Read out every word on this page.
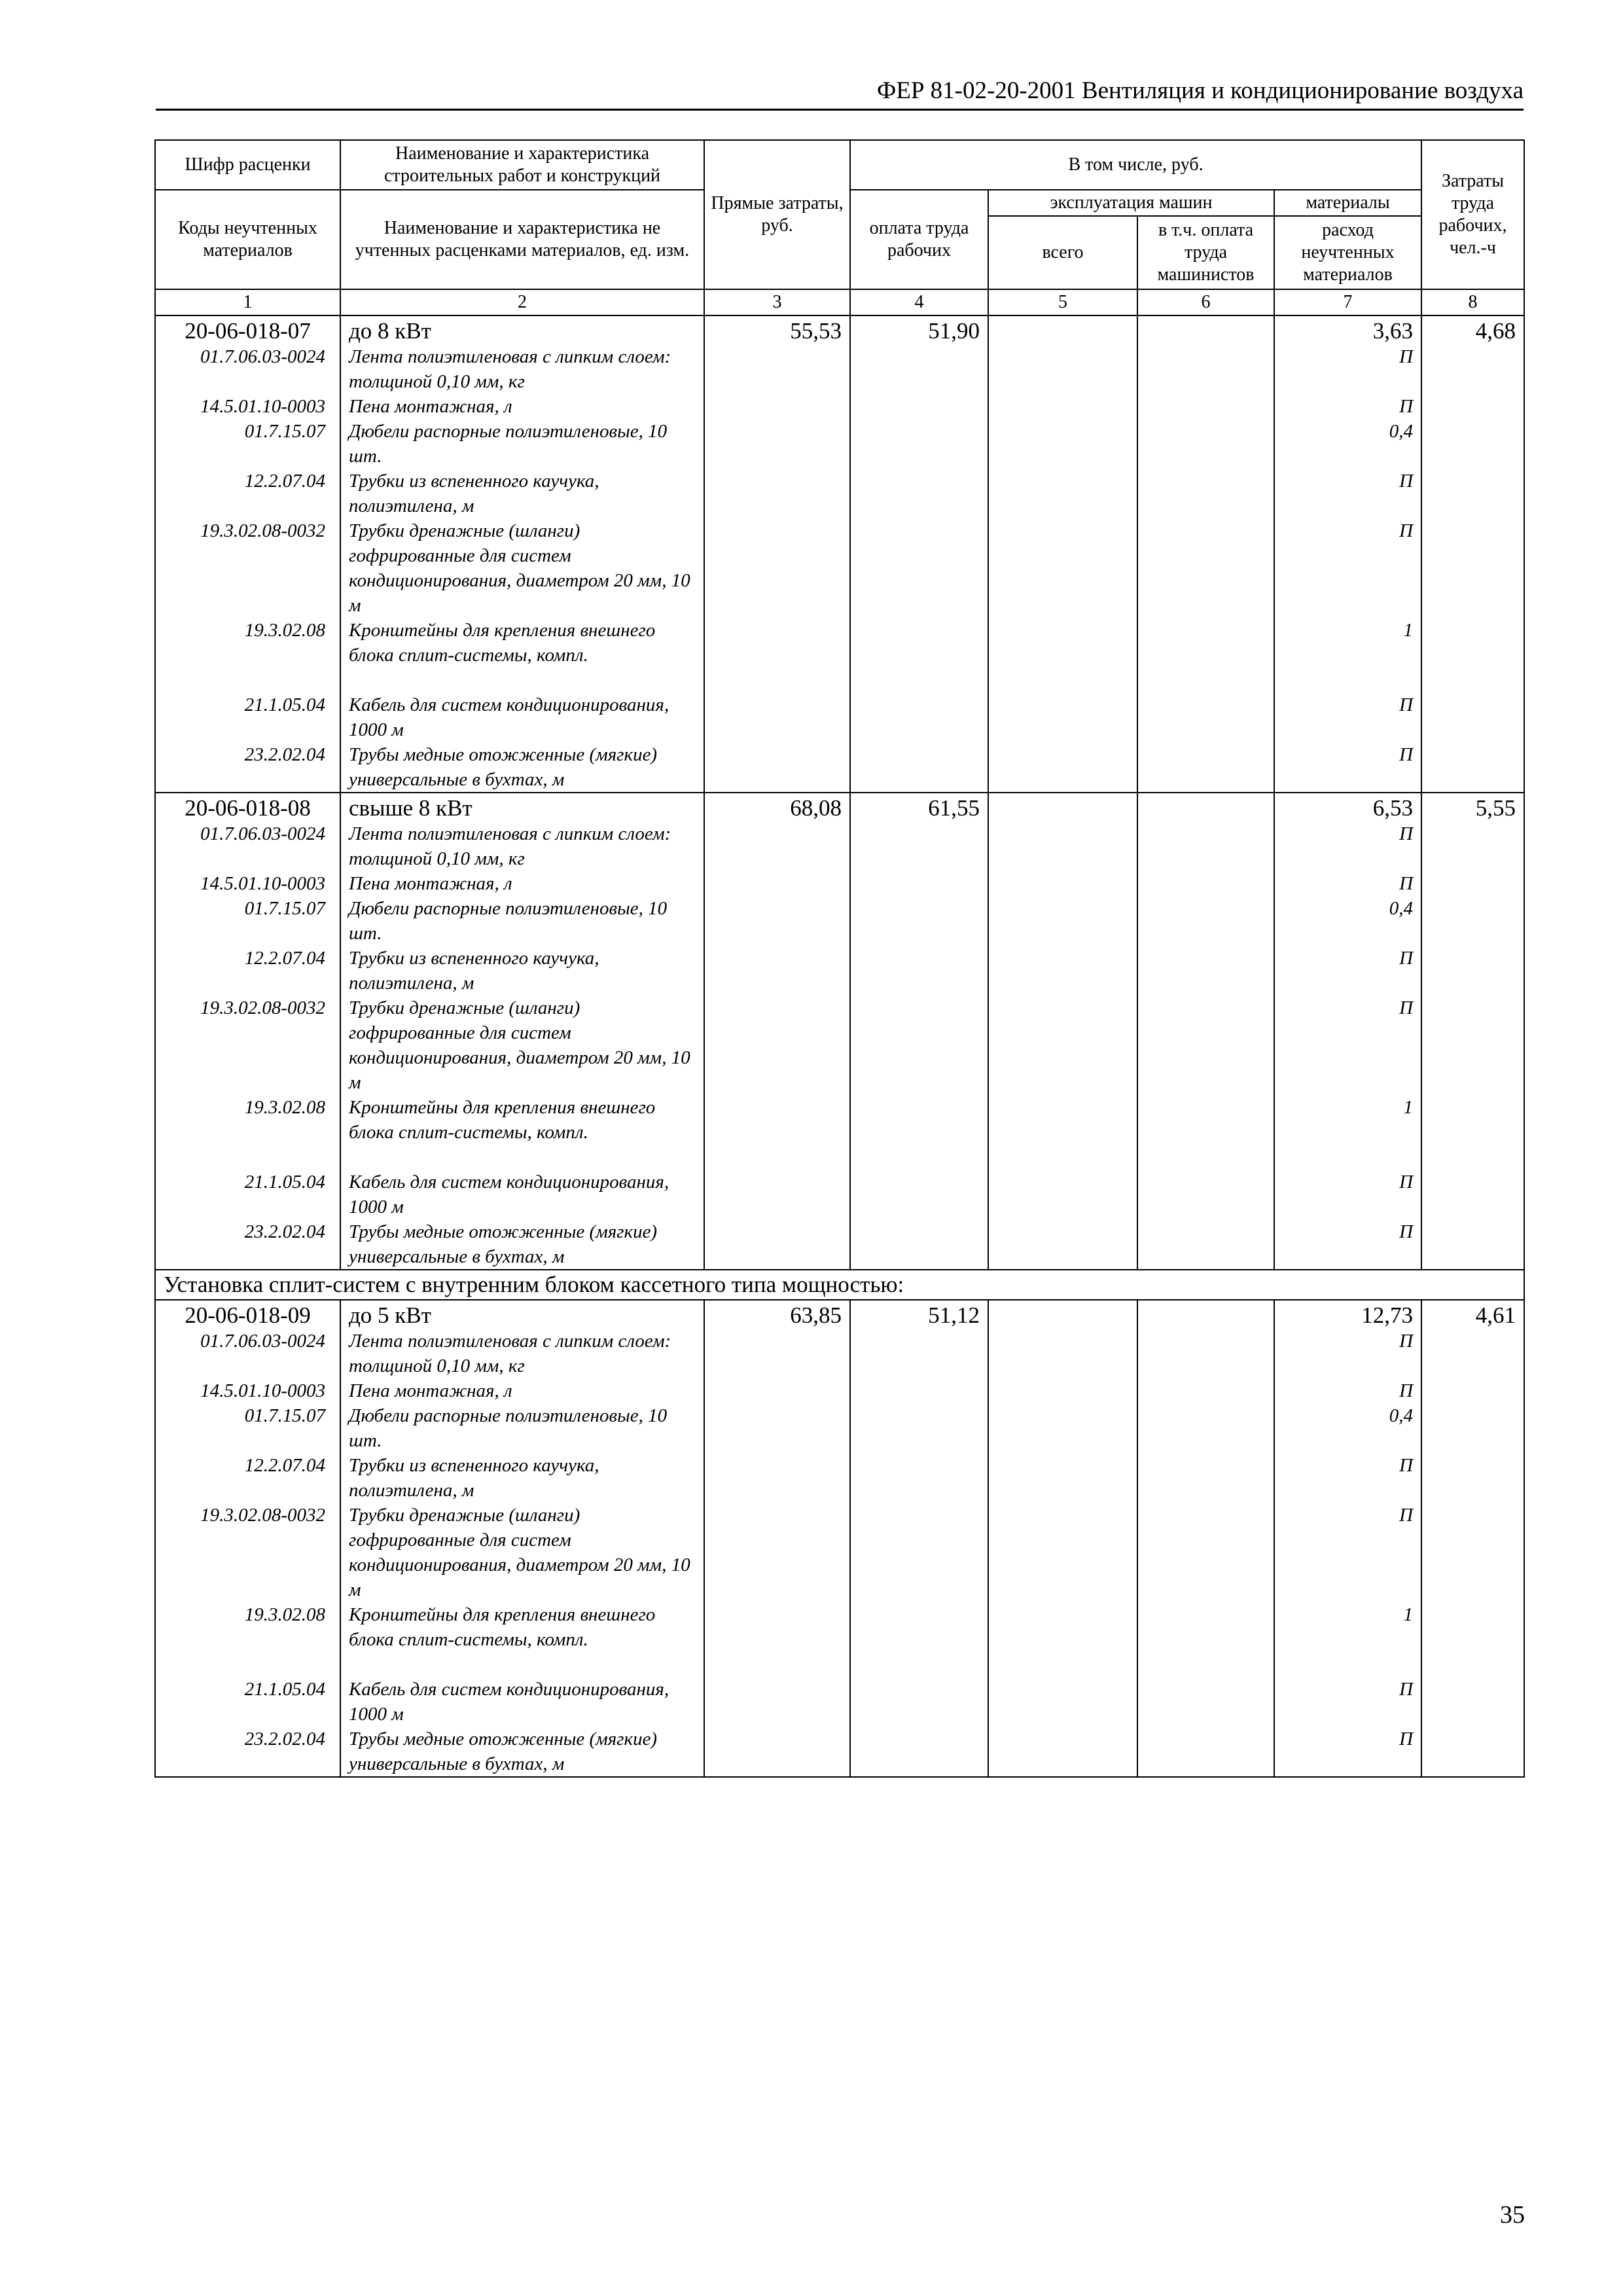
ФЕР 81-02-20-2001 Вентиляция и кондиционирование воздуха
Шифр расценки	Наименование и характеристика строительных работ и конструкций	Прямые затраты, руб.	В том числе, руб.				Затраты труда рабочих, чел.-ч
Коды неучтенных материалов	Наименование и характеристика не учтенных расценками материалов, ед. изм.		оплата труда рабочих	эксплуатация машин		материалы	
				всего	в т.ч. оплата труда машинистов	расход неучтенных материалов	
1	2	3	4	5	6	7	8
20-06-018-07	до 8 кВт	55,53	51,90			3,63	4,68
01.7.06.03-0024	Лента полиэтиленовая с липким слоем: толщиной 0,10 мм, кг					П	
14.5.01.10-0003	Пена монтажная, л					П	
01.7.15.07	Дюбели распорные полиэтиленовые, 10 шт.					0,4	
12.2.07.04	Трубки из вспененного каучука, полиэтилена, м					П	
19.3.02.08-0032	Трубки дренажные (шланги) гофрированные для систем кондиционирования, диаметром 20 мм, 10 м					П	
19.3.02.08	Кронштейны для крепления внешнего блока сплит-системы, компл.					1	
21.1.05.04	Кабель для систем кондиционирования, 1000 м					П	
23.2.02.04	Трубы медные отожженные (мягкие) универсальные в бухтах, м					П	
20-06-018-08	свыше 8 кВт	68,08	61,55			6,53	5,55
01.7.06.03-0024	Лента полиэтиленовая с липким слоем: толщиной 0,10 мм, кг					П	
14.5.01.10-0003	Пена монтажная, л					П	
01.7.15.07	Дюбели распорные полиэтиленовые, 10 шт.					0,4	
12.2.07.04	Трубки из вспененного каучука, полиэтилена, м					П	
19.3.02.08-0032	Трубки дренажные (шланги) гофрированные для систем кондиционирования, диаметром 20 мм, 10 м					П	
19.3.02.08	Кронштейны для крепления внешнего блока сплит-системы, компл.					1	
21.1.05.04	Кабель для систем кондиционирования, 1000 м					П	
23.2.02.04	Трубы медные отожженные (мягкие) универсальные в бухтах, м					П	
Установка сплит-систем с внутренним блоком кассетного типа мощностью:							
20-06-018-09	до 5 кВт	63,85	51,12			12,73	4,61
01.7.06.03-0024	Лента полиэтиленовая с липким слоем: толщиной 0,10 мм, кг					П	
14.5.01.10-0003	Пена монтажная, л					П	
01.7.15.07	Дюбели распорные полиэтиленовые, 10 шт.					0,4	
12.2.07.04	Трубки из вспененного каучука, полиэтилена, м					П	
19.3.02.08-0032	Трубки дренажные (шланги) гофрированные для систем кондиционирования, диаметром 20 мм, 10 м					П	
19.3.02.08	Кронштейны для крепления внешнего блока сплит-системы, компл.					1	
21.1.05.04	Кабель для систем кондиционирования, 1000 м					П	
23.2.02.04	Трубы медные отожженные (мягкие) универсальные в бухтах, м					П	
35
